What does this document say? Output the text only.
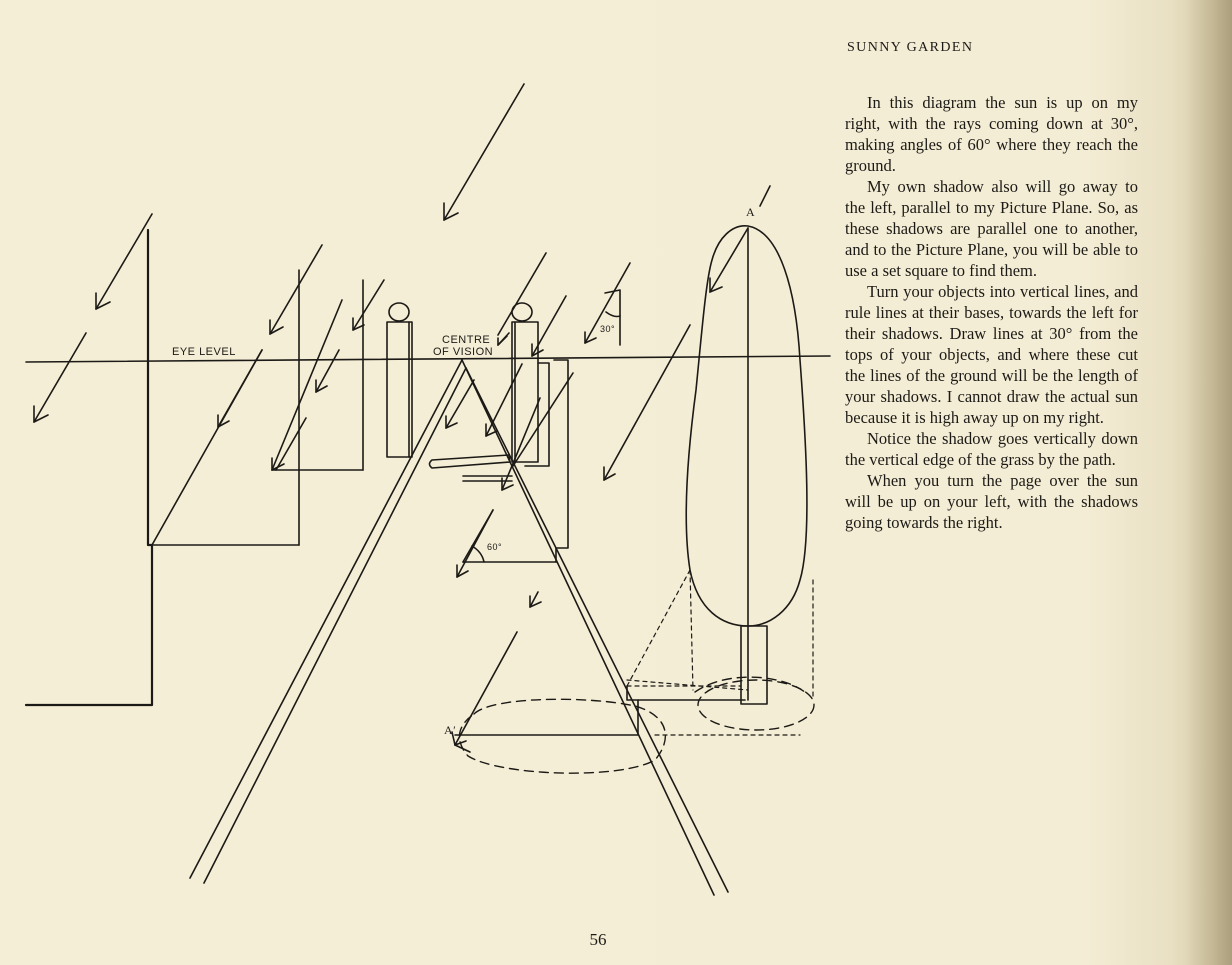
EYE LEVEL
CENTRE
OF VISION
30°
60°
A
A′
SUNNY GARDEN

In this diagram the sun is up on my right, with the rays coming down at 30°, making angles of 60° where they reach the ground.

My own shadow also will go away to the left, parallel to my Picture Plane. So, as these shadows are parallel one to another, and to the Picture Plane, you will be able to use a set square to find them.

Turn your objects into vertical lines, and rule lines at their bases, towards the left for their shadows. Draw lines at 30° from the tops of your objects, and where these cut the lines of the ground will be the length of your shadows. I cannot draw the actual sun because it is high away up on my right.

Notice the shadow goes vertically down the vertical edge of the grass by the path.

When you turn the page over the sun will be up on your left, with the shadows going towards the right.

56
